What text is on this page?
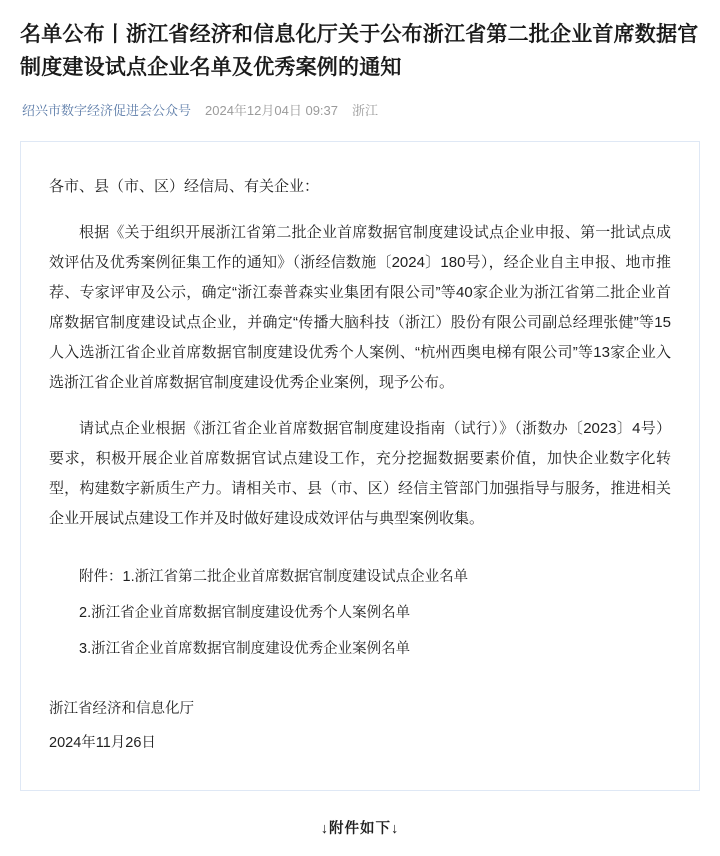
名单公布丨浙江省经济和信息化厅关于公布浙江省第二批企业首席数据官制度建设试点企业名单及优秀案例的通知
绍兴市数字经济促进会公众号 2024年12月04日 09:37 浙江

各市、县（市、区）经信局、有关企业：

根据《关于组织开展浙江省第二批企业首席数据官制度建设试点企业申报、第一批试点成效评估及优秀案例征集工作的通知》（浙经信数施〔2024〕180号），经企业自主申报、地市推荐、专家评审及公示，确定“浙江泰普森实业集团有限公司”等40家企业为浙江省第二批企业首席数据官制度建设试点企业，并确定“传播大脑科技（浙江）股份有限公司副总经理张健”等15人入选浙江省企业首席数据官制度建设优秀个人案例、“杭州西奥电梯有限公司”等13家企业入选浙江省企业首席数据官制度建设优秀企业案例，现予公布。

请试点企业根据《浙江省企业首席数据官制度建设指南（试行）》（浙数办〔2023〕4号）要求，积极开展企业首席数据官试点建设工作，充分挖掘数据要素价值，加快企业数字化转型，构建数字新质生产力。请相关市、县（市、区）经信主管部门加强指导与服务，推进相关企业开展试点建设工作并及时做好建设成效评估与典型案例收集。

附件：1.浙江省第二批企业首席数据官制度建设试点企业名单

2.浙江省企业首席数据官制度建设优秀个人案例名单

3.浙江省企业首席数据官制度建设优秀企业案例名单

浙江省经济和信息化厅

2024年11月26日

↓附件如下↓
